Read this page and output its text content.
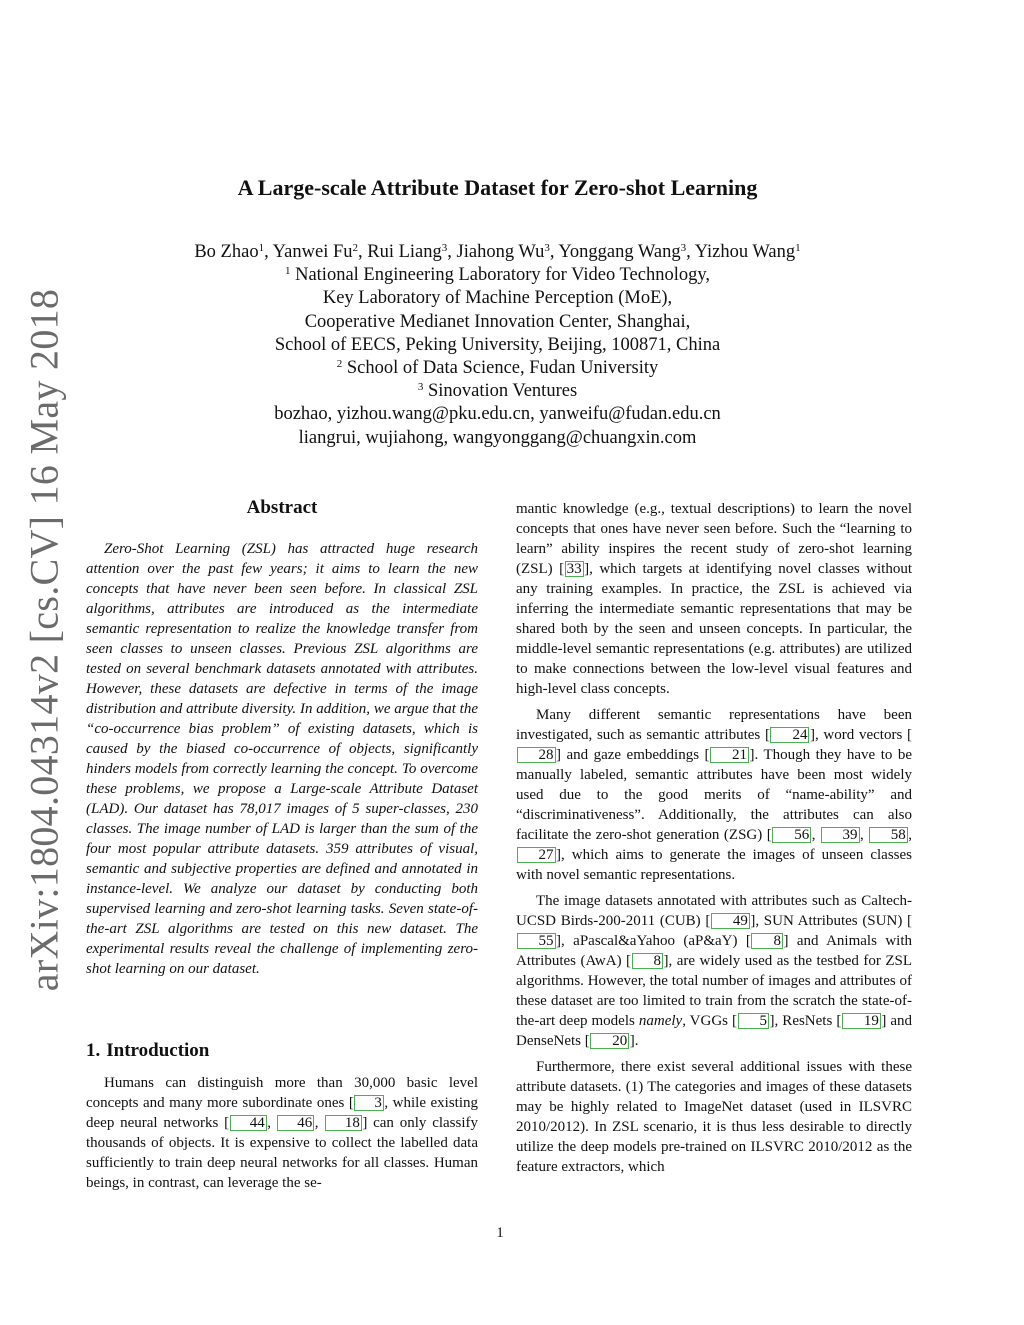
arXiv:1804.04314v2 [cs.CV] 16 May 2018
A Large-scale Attribute Dataset for Zero-shot Learning
Bo Zhao$^1$, Yanwei Fu$^2$, Rui Liang$^3$, Jiahong Wu$^3$, Yonggang Wang$^3$, Yizhou Wang$^1$
$^1$ National Engineering Laboratory for Video Technology,
Key Laboratory of Machine Perception (MoE),
Cooperative Medianet Innovation Center, Shanghai,
School of EECS, Peking University, Beijing, 100871, China
$^2$ School of Data Science, Fudan University
$^3$ Sinovation Ventures
bozhao, yizhou.wang@pku.edu.cn, yanweifu@fudan.edu.cn
liangrui, wujiahong, wangyonggang@chuangxin.com
Abstract

Zero-Shot Learning (ZSL) has attracted huge research attention over the past few years; it aims to learn the new concepts that have never been seen before. In classical ZSL algorithms, attributes are introduced as the intermediate semantic representation to realize the knowledge transfer from seen classes to unseen classes. Previous ZSL algorithms are tested on several benchmark datasets annotated with attributes. However, these datasets are defective in terms of the image distribution and attribute diversity. In addition, we argue that the “co-occurrence bias problem” of existing datasets, which is caused by the biased co-occurrence of objects, significantly hinders models from correctly learning the concept. To overcome these problems, we propose a Large-scale Attribute Dataset (LAD). Our dataset has 78,017 images of 5 super-classes, 230 classes. The image number of LAD is larger than the sum of the four most popular attribute datasets. 359 attributes of visual, semantic and subjective properties are defined and annotated in instance-level. We analyze our dataset by conducting both supervised learning and zero-shot learning tasks. Seven state-of-the-art ZSL algorithms are tested on this new dataset. The experimental results reveal the challenge of implementing zero-shot learning on our dataset.

1. Introduction

Humans can distinguish more than 30,000 basic level concepts and many more subordinate ones [ 3 , while existing deep neural networks [ 44 , 46 , 18 ] can only classify thousands of objects. It is expensive to collect the labelled data sufficiently to train deep neural networks for all classes. Human beings, in contrast, can leverage the se-

mantic knowledge (e.g., textual descriptions) to learn the novel concepts that ones have never seen before. Such the “learning to learn” ability inspires the recent study of zero-shot learning (ZSL) [ 33 ], which targets at identifying novel classes without any training examples. In practice, the ZSL is achieved via inferring the intermediate semantic representations that may be shared both by the seen and unseen concepts. In particular, the middle-level semantic representations (e.g. attributes) are utilized to make connections between the low-level visual features and high-level class concepts.

Many different semantic representations have been investigated, such as semantic attributes [ 24 ], word vectors [28 ] and gaze embeddings [ 21 ]. Though they have to be manually labeled, semantic attributes have been most widely used due to the good merits of “name-ability” and “discriminativeness”. Additionally, the attributes can also facilitate the zero-shot generation (ZSG) [ 56 , 39 , 58 , 27 ], which aims to generate the images of unseen classes with novel semantic representations.

The image datasets annotated with attributes such as Caltech-UCSD Birds-200-2011 (CUB) [ 49 ], SUN Attributes (SUN) [55 ], aPascal&aYahoo (aP&aY) [ 8 ] and Animals with Attributes (AwA) [ 8 ], are widely used as the testbed for ZSL algorithms. However, the total number of images and attributes of these dataset are too limited to train from the scratch the state-of-the-art deep models namely, VGGs [ 5 ], ResNets [ 19 ] and DenseNets [ 20 ].

Furthermore, there exist several additional issues with these attribute datasets. (1) The categories and images of these datasets may be highly related to ImageNet dataset (used in ILSVRC 2010/2012). In ZSL scenario, it is thus less desirable to directly utilize the deep models pre-trained on ILSVRC 2010/2012 as the feature extractors, which

1
